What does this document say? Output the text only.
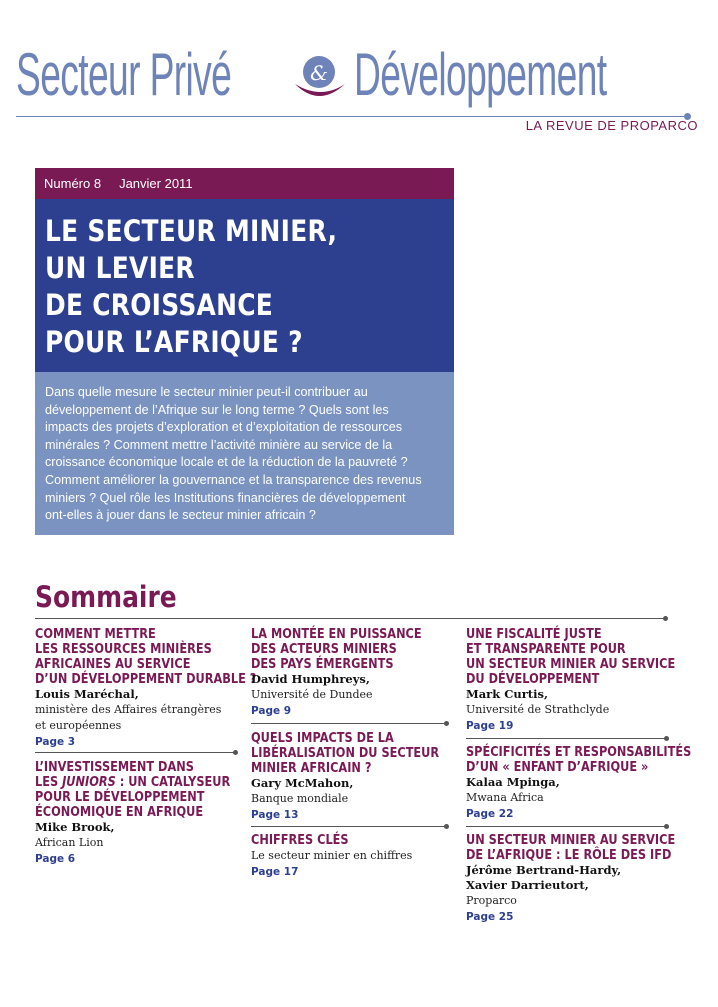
Secteur Privé	& Développement
LA REVUE DE PROPARCO
Numéro 8 Janvier 2011
LE SECTEUR MINIER,
UN LEVIER
DE CROISSANCE
POUR L’AFRIQUE ?
Dans quelle mesure le secteur minier peut-il contribuer au
développement de l’Afrique sur le long terme ? Quels sont les
impacts des projets d’exploration et d’exploitation de ressources
minérales ? Comment mettre l’activité minière au service de la
croissance économique locale et de la réduction de la pauvreté ?
Comment améliorer la gouvernance et la transparence des revenus
miniers ? Quel rôle les Institutions financières de développement
ont-elles à jouer dans le secteur minier africain ?
Sommaire
COMMENT METTRE
LES RESSOURCES MINIÈRES
AFRICAINES AU SERVICE
D’UN DÉVELOPPEMENT DURABLE ?
Louis Maréchal,
ministère des Affaires étrangères
et européennes
Page 3
L’INVESTISSEMENT DANS
LES JUNIORS : UN CATALYSEUR
POUR LE DÉVELOPPEMENT
ÉCONOMIQUE EN AFRIQUE
Mike Brook,
African Lion
Page 6
LA MONTÉE EN PUISSANCE
DES ACTEURS MINIERS
DES PAYS ÉMERGENTS
David Humphreys,
Université de Dundee
Page 9
QUELS IMPACTS DE LA
LIBÉRALISATION DU SECTEUR
MINIER AFRICAIN ?
Gary McMahon,
Banque mondiale
Page 13
CHIFFRES CLÉS
Le secteur minier en chiffres
Page 17
UNE FISCALITÉ JUSTE
ET TRANSPARENTE POUR
UN SECTEUR MINIER AU SERVICE
DU DÉVELOPPEMENT
Mark Curtis,
Université de Strathclyde
Page 19
SPÉCIFICITÉS ET RESPONSABILITÉS
D’UN « ENFANT D’AFRIQUE »
Kalaa Mpinga,
Mwana Africa
Page 22
UN SECTEUR MINIER AU SERVICE
DE L’AFRIQUE : LE RÔLE DES IFD
Jérôme Bertrand-Hardy,
Xavier Darrieutort,
Proparco
Page 25
